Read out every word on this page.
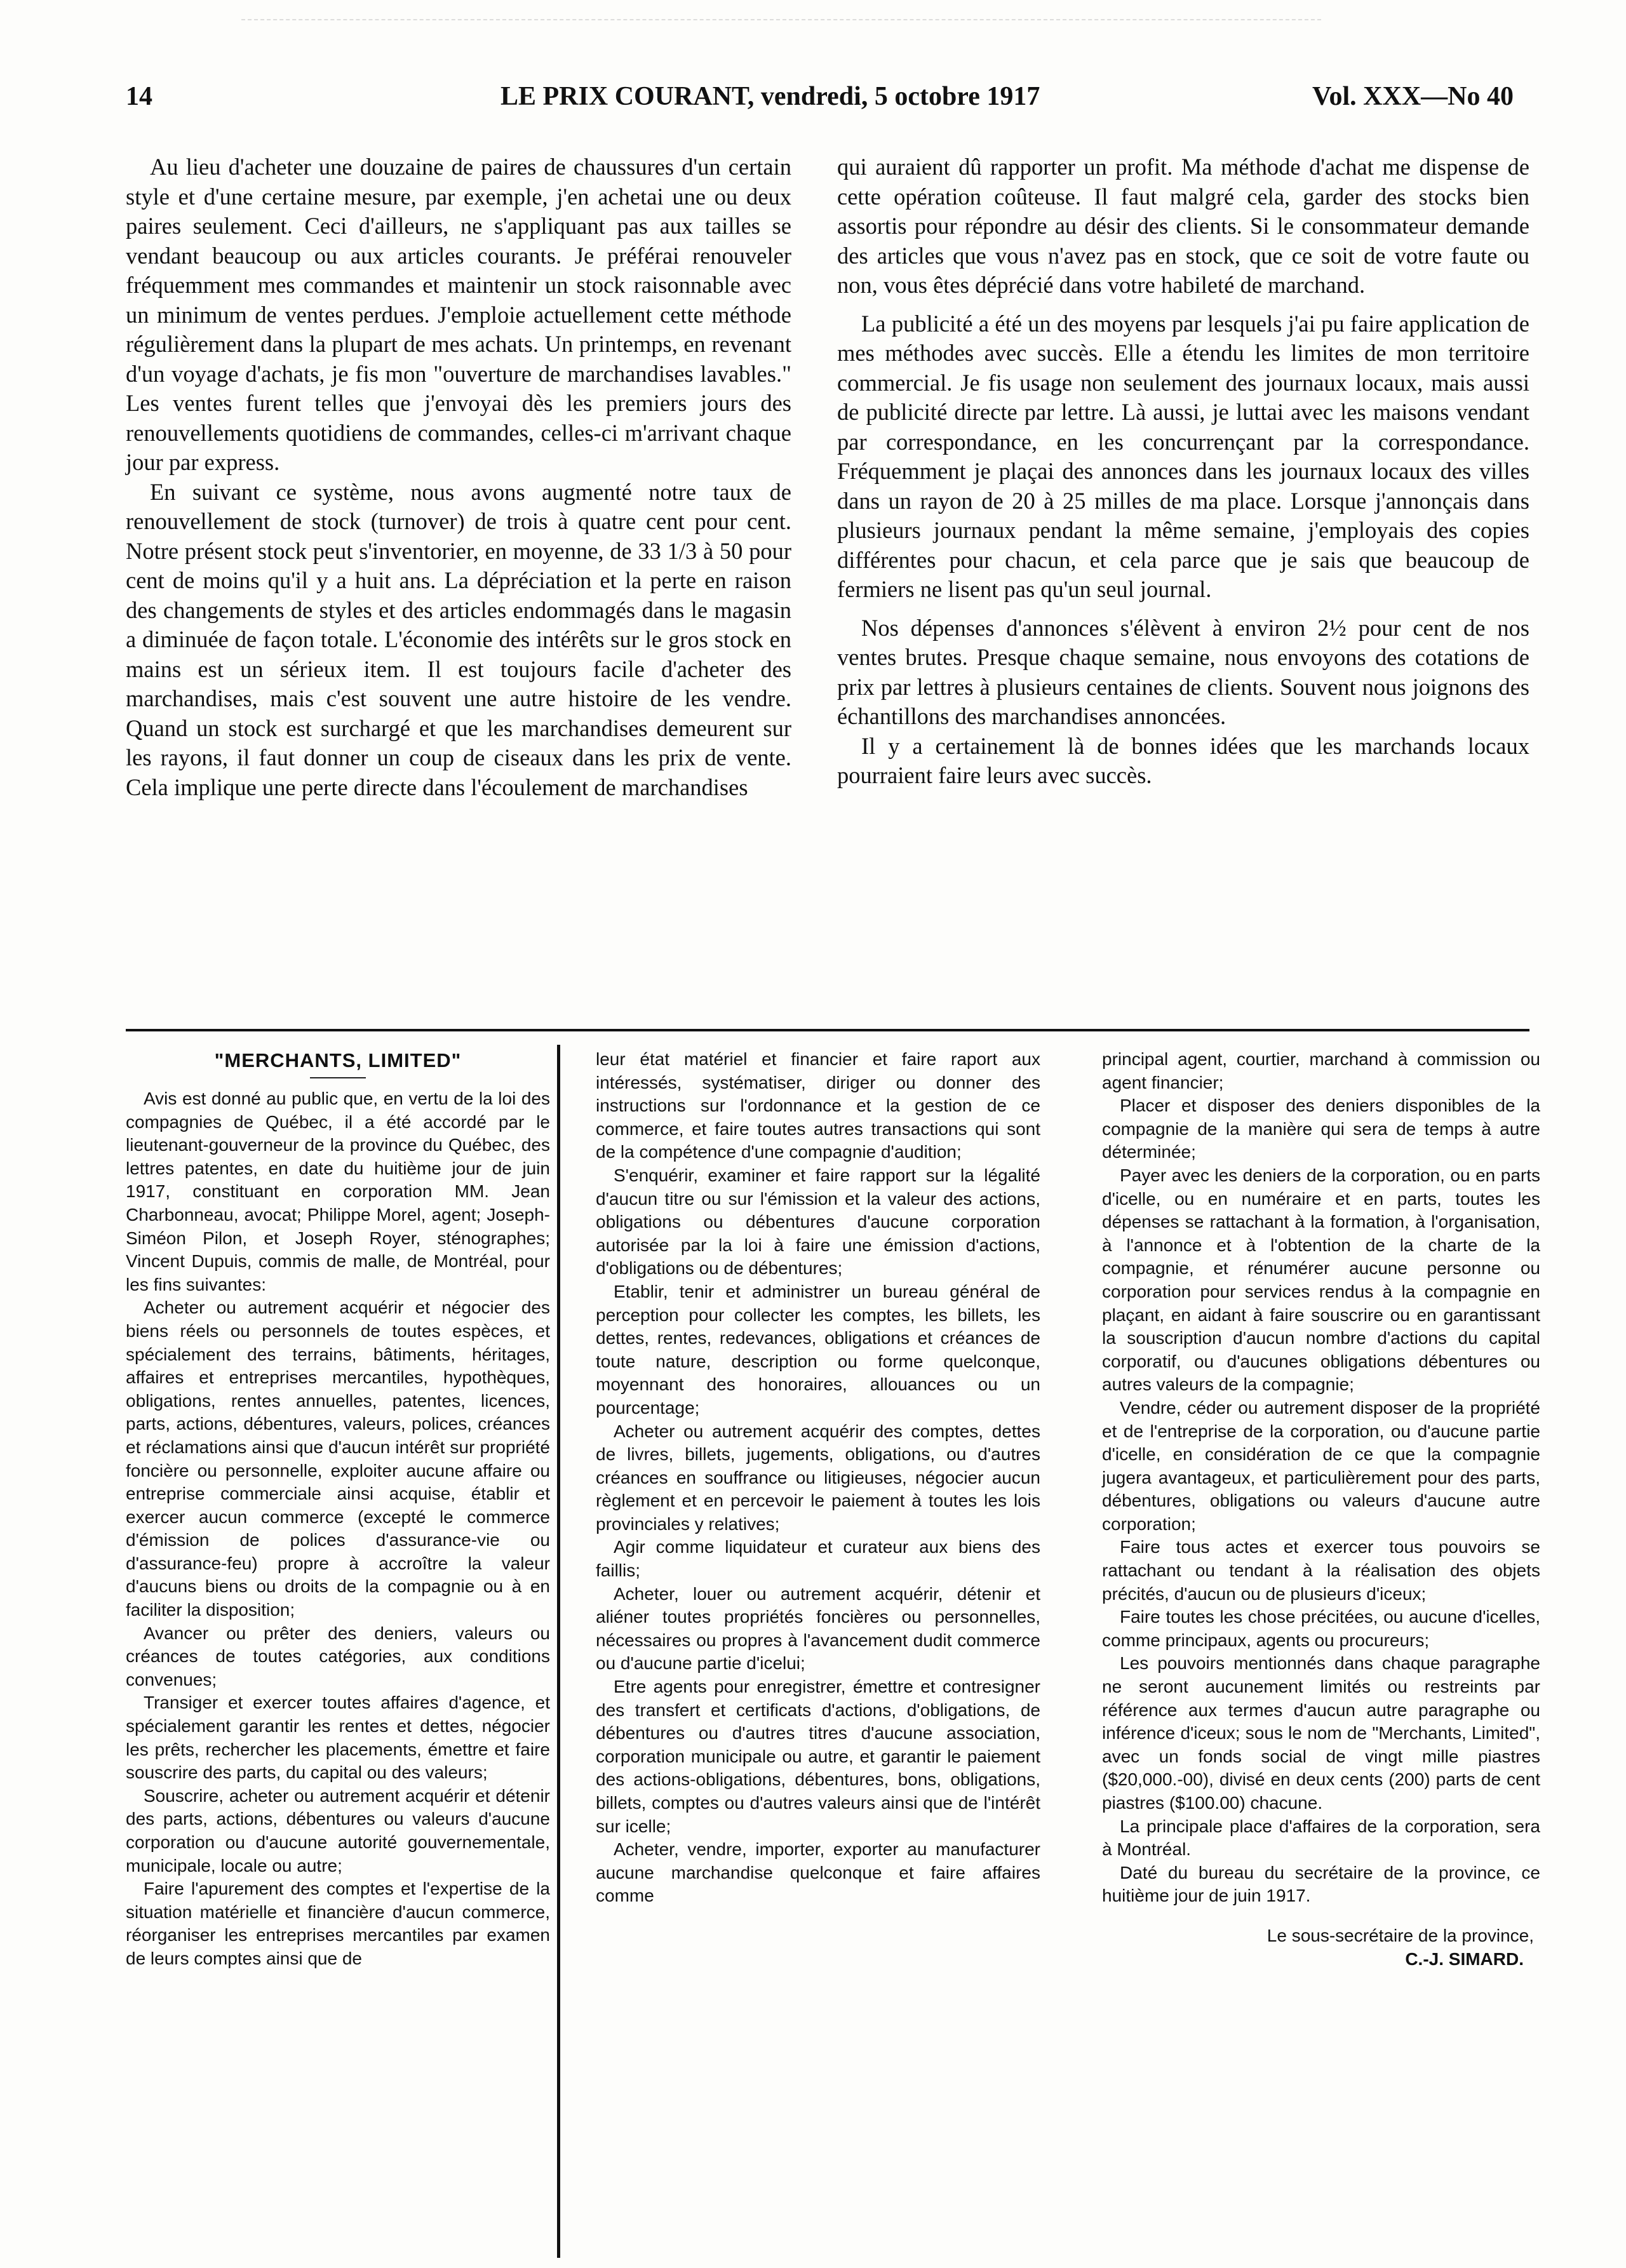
14	LE PRIX COURANT, vendredi, 5 octobre 1917	Vol. XXX—No 40

Au lieu d'acheter une douzaine de paires de chaussures d'un certain style et d'une certaine mesure, par exemple, j'en achetai une ou deux paires seulement. Ceci d'ailleurs, ne s'appliquant pas aux tailles se vendant beaucoup ou aux articles courants. Je préférai renouveler fréquemment mes commandes et maintenir un stock raisonnable avec un minimum de ventes perdues. J'emploie actuellement cette méthode régulièrement dans la plupart de mes achats. Un printemps, en revenant d'un voyage d'achats, je fis mon "ouverture de marchandises lavables." Les ventes furent telles que j'envoyai dès les premiers jours des renouvellements quotidiens de commandes, celles-ci m'arrivant chaque jour par express.

En suivant ce système, nous avons augmenté notre taux de renouvellement de stock (turnover) de trois à quatre cent pour cent. Notre présent stock peut s'inventorier, en moyenne, de 33 1/3 à 50 pour cent de moins qu'il y a huit ans. La dépréciation et la perte en raison des changements de styles et des articles endommagés dans le magasin a diminuée de façon totale. L'économie des intérêts sur le gros stock en mains est un sérieux item. Il est toujours facile d'acheter des marchandises, mais c'est souvent une autre histoire de les vendre. Quand un stock est surchargé et que les marchandises demeurent sur les rayons, il faut donner un coup de ciseaux dans les prix de vente. Cela implique une perte directe dans l'écoulement de marchandises

qui auraient dû rapporter un profit. Ma méthode d'achat me dispense de cette opération coûteuse. Il faut malgré cela, garder des stocks bien assortis pour répondre au désir des clients. Si le consommateur demande des articles que vous n'avez pas en stock, que ce soit de votre faute ou non, vous êtes déprécié dans votre habileté de marchand.

La publicité a été un des moyens par lesquels j'ai pu faire application de mes méthodes avec succès. Elle a étendu les limites de mon territoire commercial. Je fis usage non seulement des journaux locaux, mais aussi de publicité directe par lettre. Là aussi, je luttai avec les maisons vendant par correspondance, en les concurrençant par la correspondance. Fréquemment je plaçai des annonces dans les journaux locaux des villes dans un rayon de 20 à 25 milles de ma place. Lorsque j'annonçais dans plusieurs journaux pendant la même semaine, j'employais des copies différentes pour chacun, et cela parce que je sais que beaucoup de fermiers ne lisent pas qu'un seul journal.

Nos dépenses d'annonces s'élèvent à environ 2½ pour cent de nos ventes brutes. Presque chaque semaine, nous envoyons des cotations de prix par lettres à plusieurs centaines de clients. Souvent nous joignons des échantillons des marchandises annoncées.

Il y a certainement là de bonnes idées que les marchands locaux pourraient faire leurs avec succès.

"MERCHANTS, LIMITED"

Avis est donné au public que, en vertu de la loi des compagnies de Québec, il a été accordé par le lieutenant-gouverneur de la province du Québec, des lettres patentes, en date du huitième jour de juin 1917, constituant en corporation MM. Jean Charbonneau, avocat; Philippe Morel, agent; Joseph-Siméon Pilon, et Joseph Royer, sténographes; Vincent Dupuis, commis de malle, de Montréal, pour les fins suivantes:

Acheter ou autrement acquérir et négocier des biens réels ou personnels de toutes espèces, et spécialement des terrains, bâtiments, héritages, affaires et entreprises mercantiles, hypothèques, obligations, rentes annuelles, patentes, licences, parts, actions, débentures, valeurs, polices, créances et réclamations ainsi que d'aucun intérêt sur propriété foncière ou personnelle, exploiter aucune affaire ou entreprise commerciale ainsi acquise, établir et exercer aucun commerce (excepté le commerce d'émission de polices d'assurance-vie ou d'assurance-feu) propre à accroître la valeur d'aucuns biens ou droits de la compagnie ou à en faciliter la disposition;

Avancer ou prêter des deniers, valeurs ou créances de toutes catégories, aux conditions convenues;

Transiger et exercer toutes affaires d'agence, et spécialement garantir les rentes et dettes, négocier les prêts, rechercher les placements, émettre et faire souscrire des parts, du capital ou des valeurs;

Souscrire, acheter ou autrement acquérir et détenir des parts, actions, débentures ou valeurs d'aucune corporation ou d'aucune autorité gouvernementale, municipale, locale ou autre;

Faire l'apurement des comptes et l'expertise de la situation matérielle et financière d'aucun commerce, réorganiser les entreprises mercantiles par examen de leurs comptes ainsi que de

leur état matériel et financier et faire raport aux intéressés, systématiser, diriger ou donner des instructions sur l'ordonnance et la gestion de ce commerce, et faire toutes autres transactions qui sont de la compétence d'une compagnie d'audition;

S'enquérir, examiner et faire rapport sur la légalité d'aucun titre ou sur l'émission et la valeur des actions, obligations ou débentures d'aucune corporation autorisée par la loi à faire une émission d'actions, d'obligations ou de débentures;

Etablir, tenir et administrer un bureau général de perception pour collecter les comptes, les billets, les dettes, rentes, redevances, obligations et créances de toute nature, description ou forme quelconque, moyennant des honoraires, allouances ou un pourcentage;

Acheter ou autrement acquérir des comptes, dettes de livres, billets, jugements, obligations, ou d'autres créances en souffrance ou litigieuses, négocier aucun règlement et en percevoir le paiement à toutes les lois provinciales y relatives;

Agir comme liquidateur et curateur aux biens des faillis;

Acheter, louer ou autrement acquérir, détenir et aliéner toutes propriétés foncières ou personnelles, nécessaires ou propres à l'avancement dudit commerce ou d'aucune partie d'icelui;

Etre agents pour enregistrer, émettre et contresigner des transfert et certificats d'actions, d'obligations, de débentures ou d'autres titres d'aucune association, corporation municipale ou autre, et garantir le paiement des actions-obligations, débentures, bons, obligations, billets, comptes ou d'autres valeurs ainsi que de l'intérêt sur icelle;

Acheter, vendre, importer, exporter au manufacturer aucune marchandise quelconque et faire affaires comme

principal agent, courtier, marchand à commission ou agent financier;

Placer et disposer des deniers disponibles de la compagnie de la manière qui sera de temps à autre déterminée;

Payer avec les deniers de la corporation, ou en parts d'icelle, ou en numéraire et en parts, toutes les dépenses se rattachant à la formation, à l'organisation, à l'annonce et à l'obtention de la charte de la compagnie, et rénumérer aucune personne ou corporation pour services rendus à la compagnie en plaçant, en aidant à faire souscrire ou en garantissant la souscription d'aucun nombre d'actions du capital corporatif, ou d'aucunes obligations débentures ou autres valeurs de la compagnie;

Vendre, céder ou autrement disposer de la propriété et de l'entreprise de la corporation, ou d'aucune partie d'icelle, en considération de ce que la compagnie jugera avantageux, et particulièrement pour des parts, débentures, obligations ou valeurs d'aucune autre corporation;

Faire tous actes et exercer tous pouvoirs se rattachant ou tendant à la réalisation des objets précités, d'aucun ou de plusieurs d'iceux;

Faire toutes les chose précitées, ou aucune d'icelles, comme principaux, agents ou procureurs;

Les pouvoirs mentionnés dans chaque paragraphe ne seront aucunement limités ou restreints par référence aux termes d'aucun autre paragraphe ou inférence d'iceux; sous le nom de "Merchants, Limited", avec un fonds social de vingt mille piastres ($20,000.-00), divisé en deux cents (200) parts de cent piastres ($100.00) chacune.

La principale place d'affaires de la corporation, sera à Montréal.

Daté du bureau du secrétaire de la province, ce huitième jour de juin 1917.

Le sous-secrétaire de la province,
C.-J. SIMARD.
